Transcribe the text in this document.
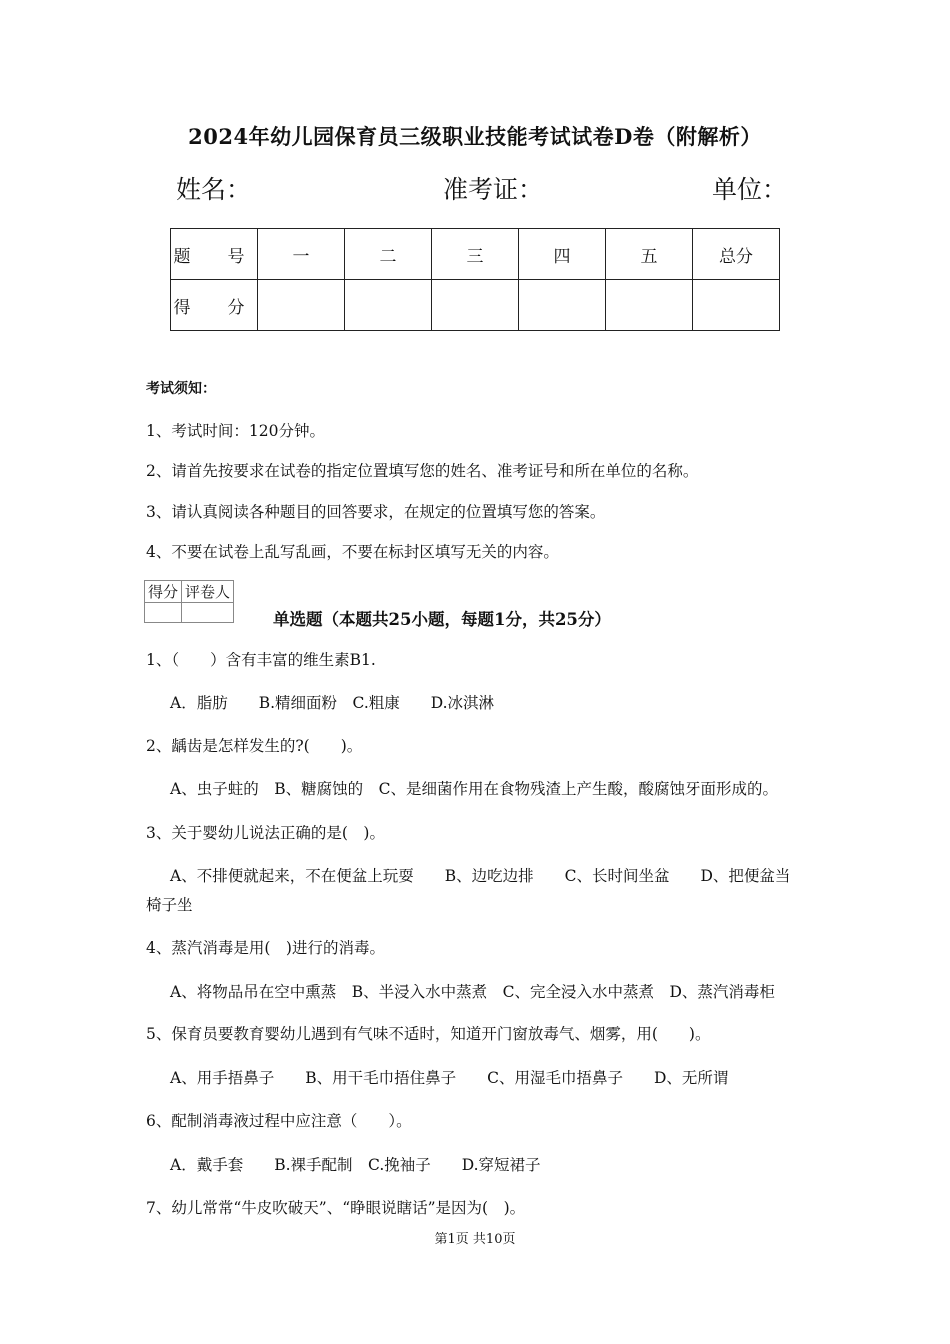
2024年幼儿园保育员三级职业技能考试试卷D卷（附解析）
姓名：	准考证：	单位：
题　号	一	二	三	四	五	总分
得　分						
考试须知：
1、考试时间：120分钟。
2、请首先按要求在试卷的指定位置填写您的姓名、准考证号和所在单位的名称。
3、请认真阅读各种题目的回答要求，在规定的位置填写您的答案。
4、不要在试卷上乱写乱画，不要在标封区填写无关的内容。
得分	评卷人

单选题（本题共25小题，每题1分，共25分）
1、（　　）含有丰富的维生素B1.
A．脂肪　　B.精细面粉　C.粗康　　D.冰淇淋
2、龋齿是怎样发生的?(　　)。
A、虫子蛀的　B、糖腐蚀的　C、是细菌作用在食物残渣上产生酸，酸腐蚀牙面形成的。
3、关于婴幼儿说法正确的是(　)。
A、不排便就起来，不在便盆上玩耍　　B、边吃边排　　C、长时间坐盆　　D、把便盆当
椅子坐
4、蒸汽消毒是用(　)进行的消毒。
A、将物品吊在空中熏蒸　B、半浸入水中蒸煮　C、完全浸入水中蒸煮　D、蒸汽消毒柜
5、保育员要教育婴幼儿遇到有气味不适时，知道开门窗放毒气、烟雾，用(　　)。
A、用手捂鼻子　　B、用干毛巾捂住鼻子　　C、用湿毛巾捂鼻子　　D、无所谓
6、配制消毒液过程中应注意（　　）。
A．戴手套　　B.裸手配制　C.挽袖子　　D.穿短裙子
7、幼儿常常“牛皮吹破天”、“睁眼说瞎话”是因为(　)。
第1页 共10页
